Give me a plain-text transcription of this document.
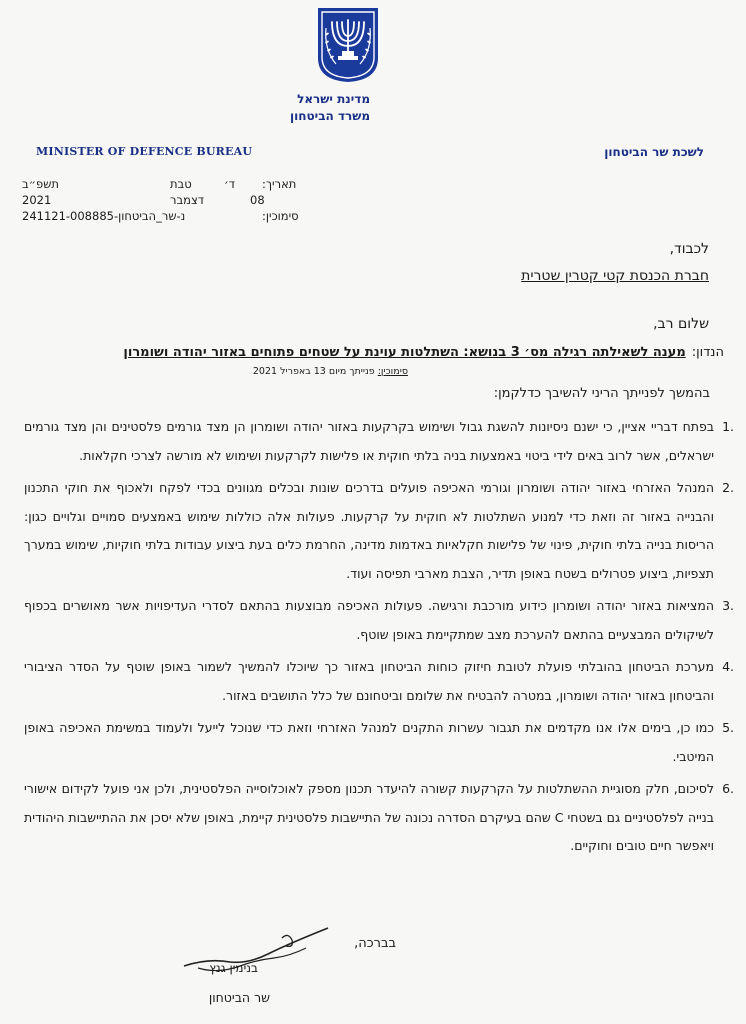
מדינת ישראל
משרד הביטחון
MINISTER OF DEFENCE BUREAU	לשכת שר הביטחון
תאריך:
ד׳
טבת
תשפ״ב
08
דצמבר
2021
סימוכין:
נ-שר_הביטחון-241121-008885
לכבוד,
חברת הכנסת קטי קטרין שטרית
שלום רב,
הנדון:מענה לשאילתה רגילה מס׳ 3 בנושא: השתלטות עוינת על שטחים פתוחים באזור יהודה ושומרון
סימוכין: פנייתך מיום 13 באפריל 2021
בהמשך לפנייתך הריני להשיבך כדלקמן:
1.
בפתח דבריי אציין, כי ישנם ניסיונות להשגת גבול ושימוש בקרקעות באזור יהודה ושומרון הן מצד גורמים פלסטינים והן מצד גורמים ישראלים, אשר לרוב באים לידי ביטוי באמצעות בניה בלתי חוקית או פלישות לקרקעות ושימוש לא מורשה לצרכי חקלאות.
2.
המנהל האזרחי באזור יהודה ושומרון וגורמי האכיפה פועלים בדרכים שונות ובכלים מגוונים בכדי לפקח ולאכוף את חוקי התכנון והבנייה באזור זה וזאת כדי למנוע השתלטות לא חוקית על קרקעות. פעולות אלה כוללות שימוש באמצעים סמויים וגלויים כגון: הריסות בנייה בלתי חוקית, פינוי של פלישות חקלאיות באדמות מדינה, החרמת כלים בעת ביצוע עבודות בלתי חוקיות, שימוש במערך תצפיות, ביצוע פטרולים בשטח באופן תדיר, הצבת מארבי תפיסה ועוד.
3.
המציאות באזור יהודה ושומרון כידוע מורכבת ורגישה. פעולות האכיפה מבוצעות בהתאם לסדרי העדיפויות אשר מאושרים בכפוף לשיקולים המבצעיים בהתאם להערכת מצב שמתקיימת באופן שוטף.
4.
מערכת הביטחון בהובלתי פועלת לטובת חיזוק כוחות הביטחון באזור כך שיוכלו להמשיך לשמור באופן שוטף על הסדר הציבורי והביטחון באזור יהודה ושומרון, במטרה להבטיח את שלומם וביטחונם של כלל התושבים באזור.
5.
כמו כן, בימים אלו אנו מקדמים את תגבור עשרות התקנים למנהל האזרחי וזאת כדי שנוכל לייעל ולעמוד במשימת האכיפה באופן המיטבי.
6.
לסיכום, חלק מסוגיית ההשתלטות על הקרקעות קשורה להיעדר תכנון מספק לאוכלוסייה הפלסטינית, ולכן אני פועל לקידום אישורי בנייה לפלסטיניים גם בשטחי C שהם בעיקרם הסדרה נכונה של התיישבות פלסטינית קיימת, באופן שלא יסכן את ההתיישבות היהודית ויאפשר חיים טובים וחוקיים.
בברכה,
בנימין גנץ
שר הביטחון
